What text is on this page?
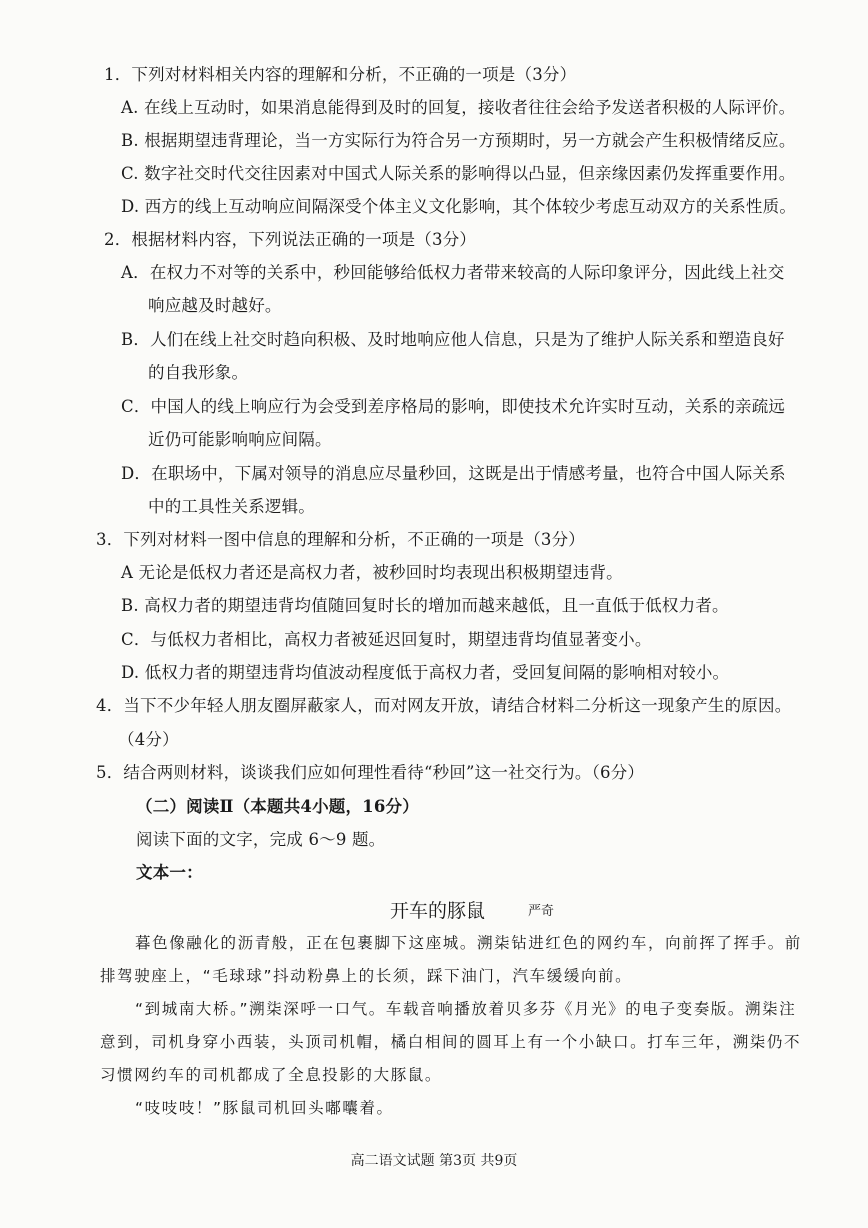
1．下列对材料相关内容的理解和分析，不正确的一项是（3分）
A. 在线上互动时，如果消息能得到及时的回复，接收者往往会给予发送者积极的人际评价。
B. 根据期望违背理论，当一方实际行为符合另一方预期时，另一方就会产生积极情绪反应。
C. 数字社交时代交往因素对中国式人际关系的影响得以凸显，但亲缘因素仍发挥重要作用。
D. 西方的线上互动响应间隔深受个体主义文化影响，其个体较少考虑互动双方的关系性质。
2．根据材料内容，下列说法正确的一项是（3分）
A．在权力不对等的关系中，秒回能够给低权力者带来较高的人际印象评分，因此线上社交
响应越及时越好。
B．人们在线上社交时趋向积极、及时地响应他人信息，只是为了维护人际关系和塑造良好
的自我形象。
C．中国人的线上响应行为会受到差序格局的影响，即使技术允许实时互动，关系的亲疏远
近仍可能影响响应间隔。
D．在职场中，下属对领导的消息应尽量秒回，这既是出于情感考量，也符合中国人际关系
中的工具性关系逻辑。
3．下列对材料一图中信息的理解和分析，不正确的一项是（3分）
A 无论是低权力者还是高权力者，被秒回时均表现出积极期望违背。
B. 高权力者的期望违背均值随回复时长的增加而越来越低，且一直低于低权力者。
C．与低权力者相比，高权力者被延迟回复时，期望违背均值显著变小。
D. 低权力者的期望违背均值波动程度低于高权力者，受回复间隔的影响相对较小。
4．当下不少年轻人朋友圈屏蔽家人，而对网友开放，请结合材料二分析这一现象产生的原因。
（4分）
5．结合两则材料，谈谈我们应如何理性看待“秒回”这一社交行为。（6分）
（二）阅读Ⅱ（本题共4小题，16分）
阅读下面的文字，完成 6～9 题。
文本一：
开车的豚鼠	严奇
暮色像融化的沥青般，正在包裹脚下这座城。溯柒钻进红色的网约车，向前挥了挥手。前
排驾驶座上，“毛球球”抖动粉鼻上的长须，踩下油门，汽车缓缓向前。
“到城南大桥。”溯柒深呼一口气。车载音响播放着贝多芬《月光》的电子变奏版。溯柒注
意到，司机身穿小西装，头顶司机帽，橘白相间的圆耳上有一个小缺口。打车三年，溯柒仍不
习惯网约车的司机都成了全息投影的大豚鼠。
“吱吱吱！”豚鼠司机回头嘟囔着。
高二语文试题 第3页 共9页
